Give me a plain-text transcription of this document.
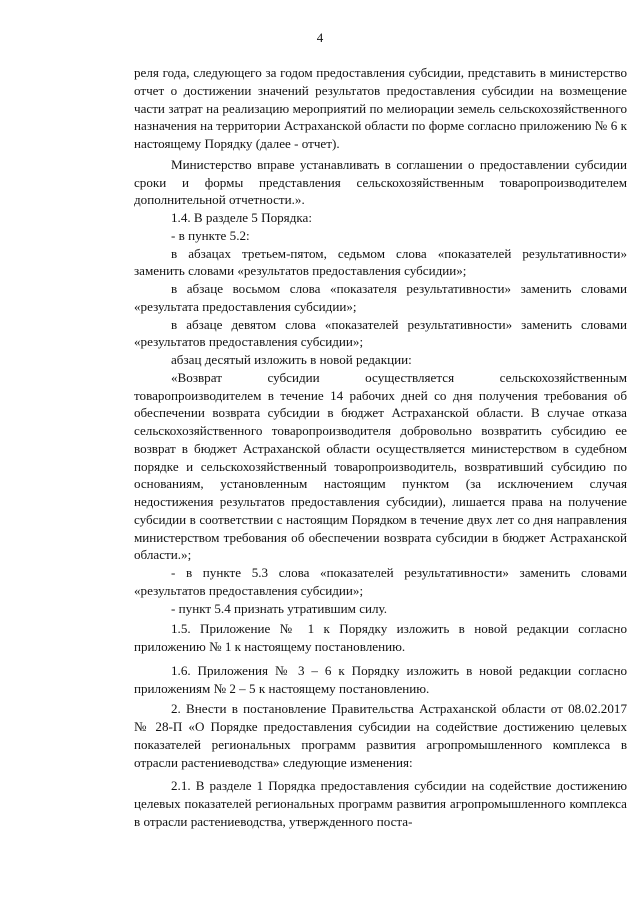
4

реля года, следующего за годом предоставления субсидии, представить в министерство отчет о достижении значений результатов предоставления субсидии на возмещение части затрат на реализацию мероприятий по мелиорации земель сельскохозяйственного назначения на территории Астраханской области по форме согласно приложению № 6 к настоящему Порядку (далее - отчет).

Министерство вправе устанавливать в соглашении о предоставлении субсидии сроки и формы представления сельскохозяйственным товаропроизводителем дополнительной отчетности.».

1.4. В разделе 5 Порядка:

- в пункте 5.2:

в абзацах третьем-пятом, седьмом слова «показателей результативности» заменить словами «результатов предоставления субсидии»;

в абзаце восьмом слова «показателя результативности» заменить словами «результата предоставления субсидии»;

в абзаце девятом слова «показателей результативности» заменить словами «результатов предоставления субсидии»;

абзац десятый изложить в новой редакции:

«Возврат субсидии осуществляется сельскохозяйственным товаропроизводителем в течение 14 рабочих дней со дня получения требования об обеспечении возврата субсидии в бюджет Астраханской области. В случае отказа сельскохозяйственного товаропроизводителя добровольно возвратить субсидию ее возврат в бюджет Астраханской области осуществляется министерством в судебном порядке и сельскохозяйственный товаропроизводитель, возвративший субсидию по основаниям, установленным настоящим пунктом (за исключением случая недостижения результатов предоставления субсидии), лишается права на получение субсидии в соответствии с настоящим Порядком в течение двух лет со дня направления министерством требования об обеспечении возврата субсидии в бюджет Астраханской области.»;

- в пункте 5.3 слова «показателей результативности» заменить словами «результатов предоставления субсидии»;

- пункт 5.4 признать утратившим силу.

1.5. Приложение № 1 к Порядку изложить в новой редакции согласно приложению № 1 к настоящему постановлению.

1.6. Приложения № 3 – 6 к Порядку изложить в новой редакции согласно приложениям № 2 – 5 к настоящему постановлению.

2. Внести в постановление Правительства Астраханской области от 08.02.2017 № 28-П «О Порядке предоставления субсидии на содействие достижению целевых показателей региональных программ развития агропромышленного комплекса в отрасли растениеводства» следующие изменения:

2.1. В разделе 1 Порядка предоставления субсидии на содействие достижению целевых показателей региональных программ развития агропромышленного комплекса в отрасли растениеводства, утвержденного поста-
